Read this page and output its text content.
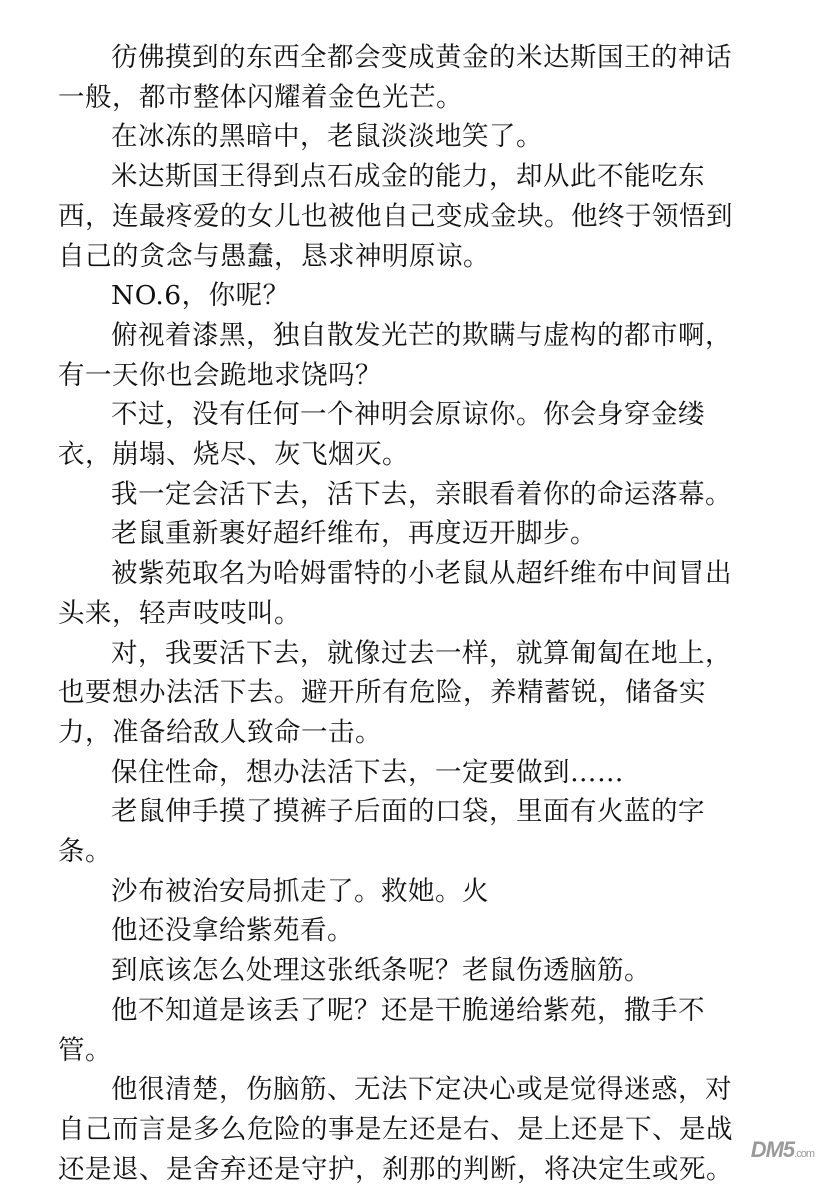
彷佛摸到的东西全都会变成黄金的米达斯国王的神话一般，都市整体闪耀着金色光芒。

在冰冻的黑暗中，老鼠淡淡地笑了。

米达斯国王得到点石成金的能力，却从此不能吃东西，连最疼爱的女儿也被他自己变成金块。他终于领悟到自己的贪念与愚蠢，恳求神明原谅。

NO.6，你呢？

俯视着漆黑，独自散发光芒的欺瞒与虚构的都市啊，有一天你也会跪地求饶吗？

不过，没有任何一个神明会原谅你。你会身穿金缕衣，崩塌、烧尽、灰飞烟灭。

我一定会活下去，活下去，亲眼看着你的命运落幕。

老鼠重新裹好超纤维布，再度迈开脚步。

被紫苑取名为哈姆雷特的小老鼠从超纤维布中间冒出头来，轻声吱吱叫。

对，我要活下去，就像过去一样，就算匍匐在地上，也要想办法活下去。避开所有危险，养精蓄锐，储备实力，准备给敌人致命一击。

保住性命，想办法活下去，一定要做到……

老鼠伸手摸了摸裤子后面的口袋，里面有火蓝的字条。

沙布被治安局抓走了。救她。火

他还没拿给紫苑看。

到底该怎么处理这张纸条呢？老鼠伤透脑筋。

他不知道是该丢了呢？还是干脆递给紫苑，撒手不管。

他很清楚，伤脑筋、无法下定决心或是觉得迷惑，对自己而言是多么危险的事是左还是右、是上还是下、是战还是退、是舍弃还是守护，刹那的判断，将决定生或死。

DM5.com
